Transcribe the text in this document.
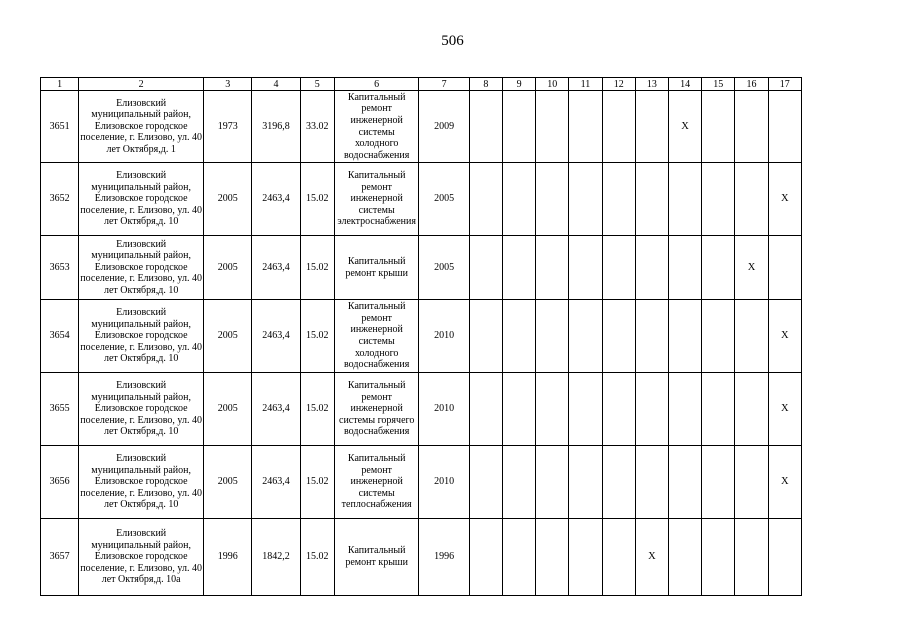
506
1	2	3	4	5	6	7	8	9	10	11	12	13	14	15	16	17
3651	Елизовский муниципальный район, Елизовское городское поселение, г. Елизово, ул. 40 лет Октября,д. 1	1973	3196,8	33.02	Капитальный ремонт инженерной системы холодного водоснабжения	2009							X			
3652	Елизовский муниципальный район, Елизовское городское поселение, г. Елизово, ул. 40 лет Октября,д. 10	2005	2463,4	15.02	Капитальный ремонт инженерной системы электроснабжения	2005										X
3653	Елизовский муниципальный район, Елизовское городское поселение, г. Елизово, ул. 40 лет Октября,д. 10	2005	2463,4	15.02	Капитальный ремонт крыши	2005									X	
3654	Елизовский муниципальный район, Елизовское городское поселение, г. Елизово, ул. 40 лет Октября,д. 10	2005	2463,4	15.02	Капитальный ремонт инженерной системы холодного водоснабжения	2010										X
3655	Елизовский муниципальный район, Елизовское городское поселение, г. Елизово, ул. 40 лет Октября,д. 10	2005	2463,4	15.02	Капитальный ремонт инженерной системы горячего водоснабжения	2010										X
3656	Елизовский муниципальный район, Елизовское городское поселение, г. Елизово, ул. 40 лет Октября,д. 10	2005	2463,4	15.02	Капитальный ремонт инженерной системы теплоснабжения	2010										X
3657	Елизовский муниципальный район, Елизовское городское поселение, г. Елизово, ул. 40 лет Октября,д. 10а	1996	1842,2	15.02	Капитальный ремонт крыши	1996						X				
